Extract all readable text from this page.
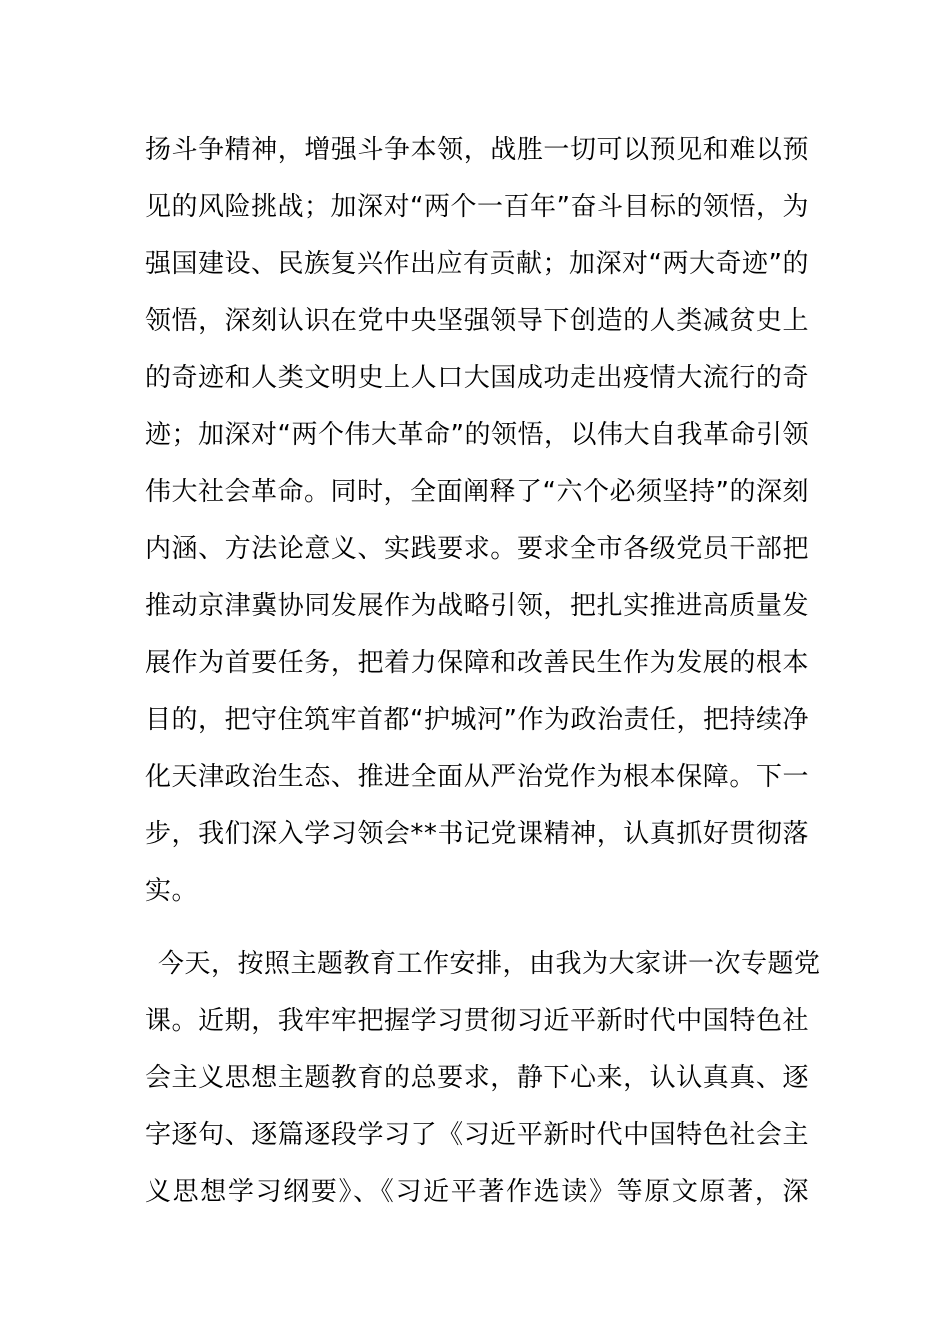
扬斗争精神，增强斗争本领，战胜一切可以预见和难以预
见的风险挑战；加深对“两个一百年”奋斗目标的领悟，为
强国建设、民族复兴作出应有贡献；加深对“两大奇迹”的
领悟，深刻认识在党中央坚强领导下创造的人类减贫史上
的奇迹和人类文明史上人口大国成功走出疫情大流行的奇
迹；加深对“两个伟大革命”的领悟，以伟大自我革命引领
伟大社会革命。同时，全面阐释了“六个必须坚持”的深刻
内涵、方法论意义、实践要求。要求全市各级党员干部把
推动京津冀协同发展作为战略引领，把扎实推进高质量发
展作为首要任务，把着力保障和改善民生作为发展的根本
目的，把守住筑牢首都“护城河”作为政治责任，把持续净
化天津政治生态、推进全面从严治党作为根本保障。下一
步，我们深入学习领会**书记党课精神，认真抓好贯彻落
实。
今天，按照主题教育工作安排，由我为大家讲一次专题党
课。近期，我牢牢把握学习贯彻习近平新时代中国特色社
会主义思想主题教育的总要求，静下心来，认认真真、逐
字逐句、逐篇逐段学习了《习近平新时代中国特色社会主
义思想学习纲要》、《习近平著作选读》等原文原著，深
